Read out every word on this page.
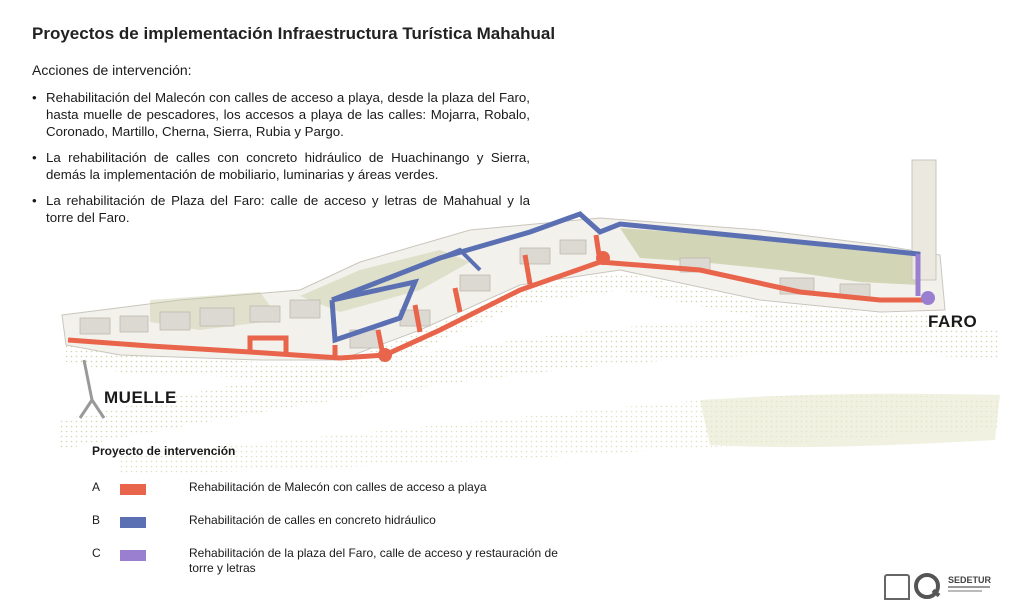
Proyectos de implementación Infraestructura Turística Mahahual
Acciones de intervención:
• Rehabilitación del Malecón con calles de acceso a playa, desde la plaza del Faro, hasta muelle de pescadores, los accesos a playa de las calles: Mojarra, Robalo, Coronado, Martillo, Cherna, Sierra, Rubia y Pargo.
• La rehabilitación de calles con concreto hidráulico de Huachinango y Sierra, demás la implementación de mobiliario, luminarias y áreas verdes.
• La rehabilitación de Plaza del Faro: calle de acceso y letras de Mahahual y la torre del Faro.
MUELLE
FARO
Proyecto de intervención
A	Rehabilitación de Malecón con calles de acceso a playa
B	Rehabilitación de calles en concreto hidráulico
C	Rehabilitación de la plaza del Faro, calle de acceso y restauración de torre y letras
SEDETUR
